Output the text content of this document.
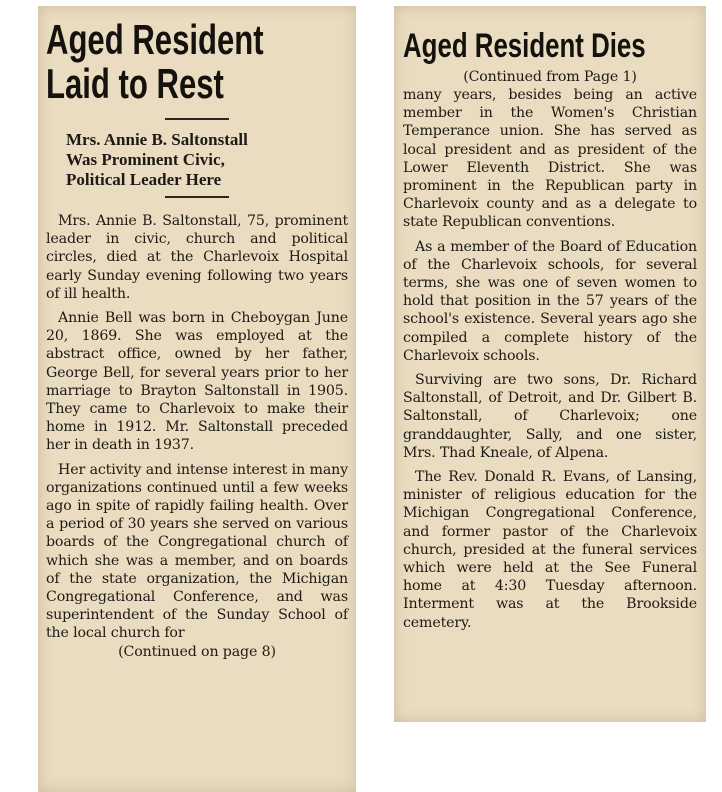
Aged Resident
Laid to Rest
Mrs. Annie B. Saltonstall
Was Prominent Civic,
Political Leader Here

Mrs. Annie B. Saltonstall, 75, prominent leader in civic, church and political circles, died at the Charlevoix Hospital early Sunday evening following two years of ill health.

Annie Bell was born in Cheboygan June 20, 1869. She was employed at the abstract office, owned by her father, George Bell, for several years prior to her marriage to Brayton Saltonstall in 1905. They came to Charlevoix to make their home in 1912. Mr. Saltonstall preceded her in death in 1937.

Her activity and intense interest in many organizations continued until a few weeks ago in spite of rapidly failing health. Over a period of 30 years she served on various boards of the Congregational church of which she was a member, and on boards of the state organization, the Michigan Congregational Conference, and was superintendent of the Sunday School of the local church for

(Continued on page 8)

Aged Resident Dies

(Continued from Page 1)

many years, besides being an active member in the Women's Christian Temperance union. She has served as local president and as president of the Lower Eleventh District. She was prominent in the Republican party in Charlevoix county and as a delegate to state Republican conventions.

As a member of the Board of Education of the Charlevoix schools, for several terms, she was one of seven women to hold that position in the 57 years of the school's existence. Several years ago she compiled a complete history of the Charlevoix schools.

Surviving are two sons, Dr. Richard Saltonstall, of Detroit, and Dr. Gilbert B. Saltonstall, of Charlevoix; one granddaughter, Sally, and one sister, Mrs. Thad Kneale, of Alpena.

The Rev. Donald R. Evans, of Lansing, minister of religious education for the Michigan Congregational Conference, and former pastor of the Charlevoix church, presided at the funeral services which were held at the See Funeral home at 4:30 Tuesday afternoon. Interment was at the Brookside cemetery.
